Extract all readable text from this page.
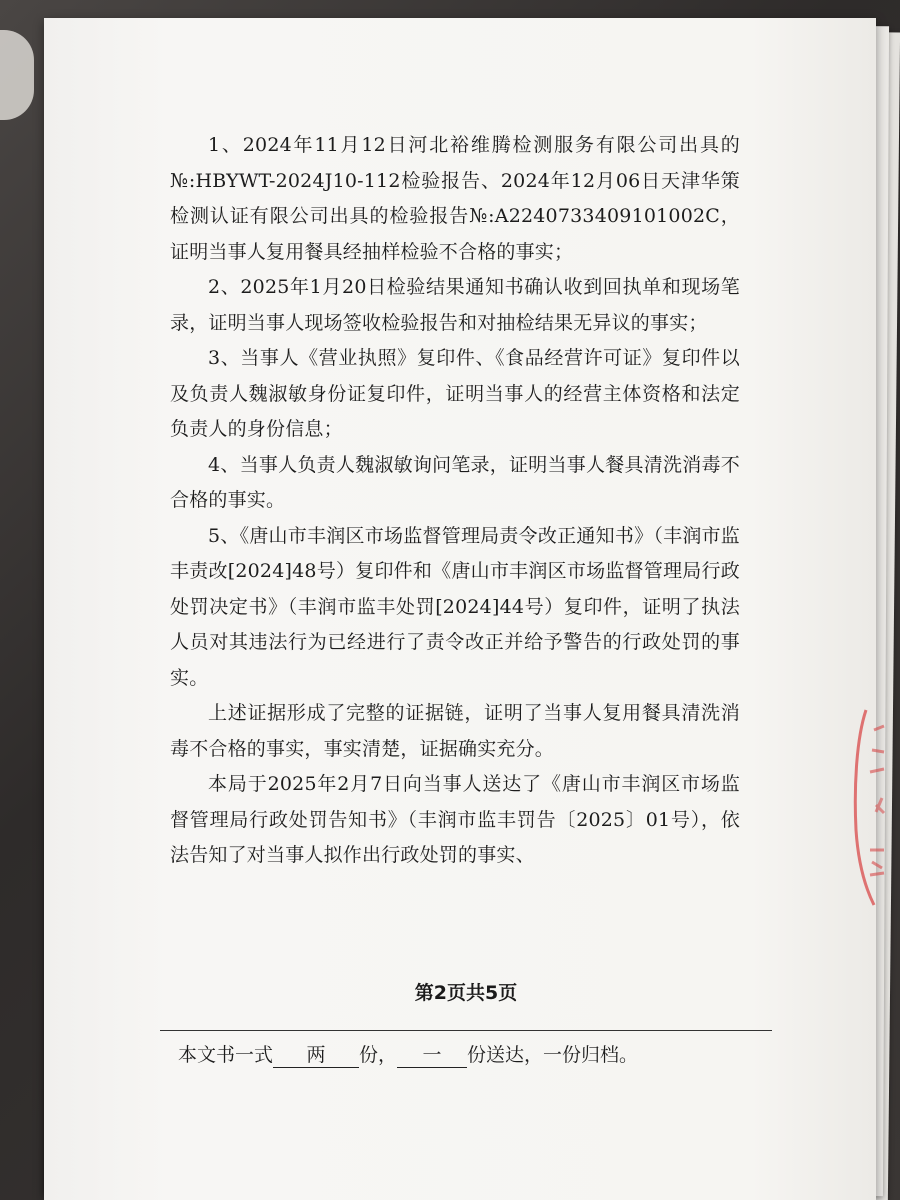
1、2024年11月12日河北裕维腾检测服务有限公司出具的№:HBYWT-2024J10-112检验报告、2024年12月06日天津华策检测认证有限公司出具的检验报告№:A2240733409101002C，证明当事人复用餐具经抽样检验不合格的事实；

2、2025年1月20日检验结果通知书确认收到回执单和现场笔录，证明当事人现场签收检验报告和对抽检结果无异议的事实；

3、当事人《营业执照》复印件、《食品经营许可证》复印件以及负责人魏淑敏身份证复印件，证明当事人的经营主体资格和法定负责人的身份信息；

4、当事人负责人魏淑敏询问笔录，证明当事人餐具清洗消毒不合格的事实。

5、《唐山市丰润区市场监督管理局责令改正通知书》（丰润市监丰责改[2024]48号）复印件和《唐山市丰润区市场监督管理局行政处罚决定书》（丰润市监丰处罚[2024]44号）复印件，证明了执法人员对其违法行为已经进行了责令改正并给予警告的行政处罚的事实。

上述证据形成了完整的证据链，证明了当事人复用餐具清洗消毒不合格的事实，事实清楚，证据确实充分。

本局于2025年2月7日向当事人送达了《唐山市丰润区市场监督管理局行政处罚告知书》（丰润市监丰罚告〔2025〕01号），依法告知了对当事人拟作出行政处罚的事实、

第2页共5页
本文书一式 两 份， 一 份送达，一份归档。
